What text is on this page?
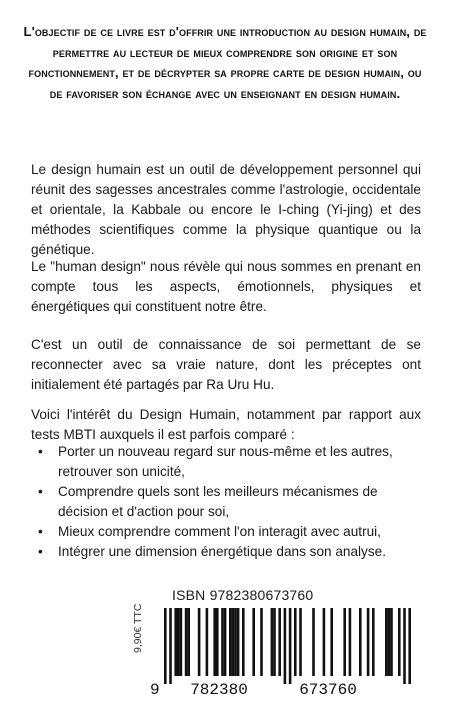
L'objectif de ce livre est d'offrir une introduction au design humain, de permettre au lecteur de mieux comprendre son origine et son fonctionnement, et de décrypter sa propre carte de design humain, ou de favoriser son échange avec un enseignant en design humain.
Le design humain est un outil de développement personnel qui réunit des sagesses ancestrales comme l'astrologie, occidentale et orientale, la Kabbale ou encore le I-ching (Yi-jing) et des méthodes scientifiques comme la physique quantique ou la génétique.
Le "human design" nous révèle qui nous sommes en prenant en compte tous les aspects, émotionnels, physiques et énergétiques qui constituent notre être.
C'est un outil de connaissance de soi permettant de se reconnecter avec sa vraie nature, dont les préceptes ont initialement été partagés par Ra Uru Hu.
Voici l'intérêt du Design Humain, notamment par rapport aux tests MBTI auxquels il est parfois comparé :
• Porter un nouveau regard sur nous-même et les autres, retrouver son unicité,
• Comprendre quels sont les meilleurs mécanismes de décision et d'action pour soi,
• Mieux comprendre comment l'on interagit avec autrui,
• Intégrer une dimension énergétique dans son analyse.
ISBN 9782380673760
9,90€ TTC
9 782380	673760
